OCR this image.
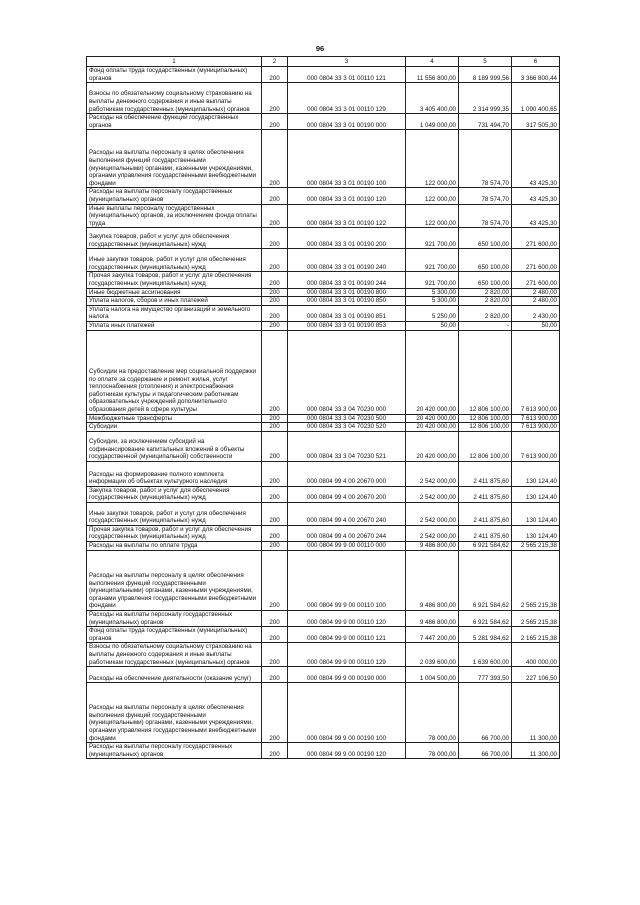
96
1	2	3	4	5	6
Фонд оплаты труда государственных (муниципальных) органов	200	000 0804 33 3 01 00110 121	11 556 800,00	8 189 999,56	3 366 800,44
Взносы по обязательному социальному страхованию на выплаты денежного содержания и иные выплаты работникам государственных (муниципальных) органов	200	000 0804 33 3 01 00110 129	3 405 400,00	2 314 999,35	1 090 400,65
Расходы на обеспечение функций государственных органов	200	000 0804 33 3 01 00190 000	1 049 000,00	731 494,70	317 505,30
Расходы на выплаты персоналу в целях обеспечения выполнения функций государственными (муниципальными) органами, казенными учреждениями, органами управления государственными внебюджетными фондами	200	000 0804 33 3 01 00190 100	122 000,00	78 574,70	43 425,30
Расходы на выплаты персоналу государственных (муниципальных) органов	200	000 0804 33 3 01 00190 120	122 000,00	78 574,70	43 425,30
Иные выплаты персоналу государственных (муниципальных) органов, за исключением фонда оплаты труда	200	000 0804 33 3 01 00190 122	122 000,00	78 574,70	43 425,30
Закупка товаров, работ и услуг для обеспечения государственных (муниципальных) нужд	200	000 0804 33 3 01 00190 200	921 700,00	650 100,00	271 600,00
Иные закупки товаров, работ и услуг для обеспечения государственных (муниципальных) нужд	200	000 0804 33 3 01 00190 240	921 700,00	650 100,00	271 600,00
Прочая закупка товаров, работ и услуг для обеспечения государственных (муниципальных) нужд	200	000 0804 33 3 01 00190 244	921 700,00	650 100,00	271 600,00
Иные бюджетные ассигнования	200	000 0804 33 3 01 00190 800	5 300,00	2 820,00	2 480,00
Уплата налогов, сборов и иных платежей	200	000 0804 33 3 01 00190 850	5 300,00	2 820,00	2 480,00
Уплата налога на имущество организаций и земельного налога	200	000 0804 33 3 01 00190 851	5 250,00	2 820,00	2 430,00
Уплата иных платежей	200	000 0804 33 3 01 00190 853	50,00	-	50,00
Субсидии на предоставление мер социальной поддержки по оплате за содержание и ремонт жилья, услуг теплоснабжения (отопления) и электроснабжения работникам культуры и педагогическим работникам образовательных учреждений дополнительного образования детей в сфере культуры	200	000 0804 33 3 04 70230 000	20 420 000,00	12 806 100,00	7 613 900,00
Межбюджетные трансферты	200	000 0804 33 3 04 70230 500	20 420 000,00	12 806 100,00	7 613 900,00
Субсидии	200	000 0804 33 3 04 70230 520	20 420 000,00	12 806 100,00	7 613 900,00
Субсидии, за исключением субсидий на софинансирование капитальных вложений в объекты государственной (муниципальной) собственности	200	000 0804 33 3 04 70230 521	20 420 000,00	12 806 100,00	7 613 900,00
Расходы на формирование полного комплекта информации об объектах культурного наследия	200	000 0804 99 4 00 20670 000	2 542 000,00	2 411 875,60	130 124,40
Закупка товаров, работ и услуг для обеспечения государственных (муниципальных) нужд	200	000 0804 99 4 00 20670 200	2 542 000,00	2 411 875,60	130 124,40
Иные закупки товаров, работ и услуг для обеспечения государственных (муниципальных) нужд	200	000 0804 99 4 00 20670 240	2 542 000,00	2 411 875,60	130 124,40
Прочая закупка товаров, работ и услуг для обеспечения государственных (муниципальных) нужд	200	000 0804 99 4 00 20670 244	2 542 000,00	2 411 875,60	130 124,40
Расходы на выплаты по оплате труда	200	000 0804 99 9 00 00110 000	9 486 800,00	6 921 584,62	2 565 215,38
Расходы на выплаты персоналу в целях обеспечения выполнения функций государственными (муниципальными) органами, казенными учреждениями, органами управления государственными внебюджетными фондами	200	000 0804 99 9 00 00110 100	9 486 800,00	6 921 584,62	2 565 215,38
Расходы на выплаты персоналу государственных (муниципальных) органов	200	000 0804 99 9 00 00110 120	9 486 800,00	6 921 584,62	2 565 215,38
Фонд оплаты труда государственных (муниципальных) органов	200	000 0804 99 9 00 00110 121	7 447 200,00	5 281 984,62	2 165 215,38
Взносы по обязательному социальному страхованию на выплаты денежного содержания и иные выплаты работникам государственных (муниципальных) органов	200	000 0804 99 9 00 00110 129	2 039 600,00	1 639 600,00	400 000,00
Расходы на обеспечение деятельности (оказание услуг)	200	000 0804 99 9 00 00190 000	1 004 500,00	777 393,50	227 106,50
Расходы на выплаты персоналу в целях обеспечения выполнения функций государственными (муниципальными) органами, казенными учреждениями, органами управления государственными внебюджетными фондами	200	000 0804 99 9 00 00190 100	78 000,00	66 700,00	11 300,00
Расходы на выплаты персоналу государственных (муниципальных) органов	200	000 0804 99 9 00 00190 120	78 000,00	66 700,00	11 300,00
